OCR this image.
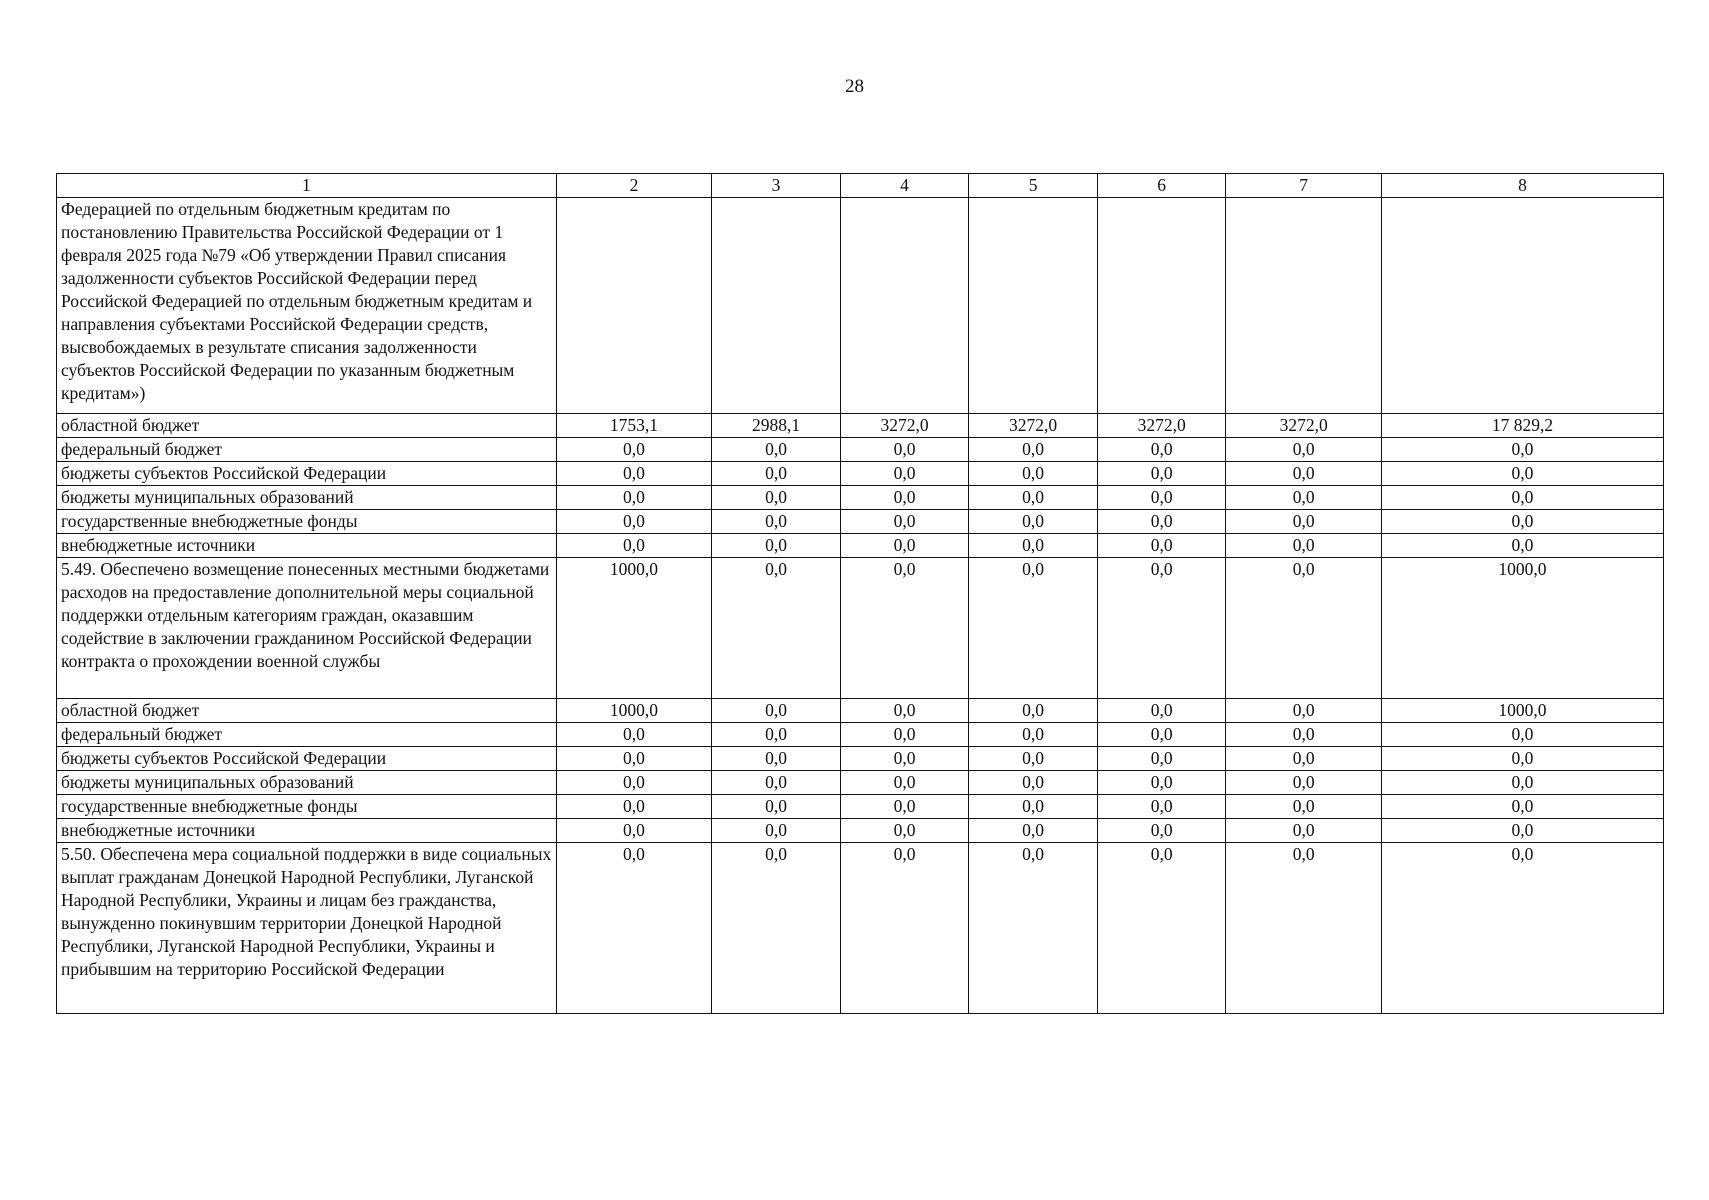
28
1	2	3	4	5	6	7	8
Федерацией по отдельным бюджетным кредитам по постановлению Правительства Российской Федерации от 1 февраля 2025 года №79 «Об утверждении Правил списания задолженности субъектов Российской Федерации перед Российской Федерацией по отдельным бюджетным кредитам и направления субъектами Российской Федерации средств, высвобождаемых в результате списания задолженности субъектов Российской Федерации по указанным бюджетным кредитам»)							
областной бюджет	1753,1	2988,1	3272,0	3272,0	3272,0	3272,0	17 829,2
федеральный бюджет	0,0	0,0	0,0	0,0	0,0	0,0	0,0
бюджеты субъектов Российской Федерации	0,0	0,0	0,0	0,0	0,0	0,0	0,0
бюджеты муниципальных образований	0,0	0,0	0,0	0,0	0,0	0,0	0,0
государственные внебюджетные фонды	0,0	0,0	0,0	0,0	0,0	0,0	0,0
внебюджетные источники	0,0	0,0	0,0	0,0	0,0	0,0	0,0
5.49. Обеспечено возмещение понесенных местными бюджетами расходов на предоставление дополнительной меры социальной поддержки отдельным категориям граждан, оказавшим содействие в заключении гражданином Российской Федерации контракта о прохождении военной службы	1000,0	0,0	0,0	0,0	0,0	0,0	1000,0
областной бюджет	1000,0	0,0	0,0	0,0	0,0	0,0	1000,0
федеральный бюджет	0,0	0,0	0,0	0,0	0,0	0,0	0,0
бюджеты субъектов Российской Федерации	0,0	0,0	0,0	0,0	0,0	0,0	0,0
бюджеты муниципальных образований	0,0	0,0	0,0	0,0	0,0	0,0	0,0
государственные внебюджетные фонды	0,0	0,0	0,0	0,0	0,0	0,0	0,0
внебюджетные источники	0,0	0,0	0,0	0,0	0,0	0,0	0,0
5.50. Обеспечена мера социальной поддержки в виде социальных выплат гражданам Донецкой Народной Республики, Луганской Народной Республики, Украины и лицам без гражданства, вынужденно покинувшим территории Донецкой Народной Республики, Луганской Народной Республики, Украины и прибывшим на территорию Российской Федерации	0,0	0,0	0,0	0,0	0,0	0,0	0,0
